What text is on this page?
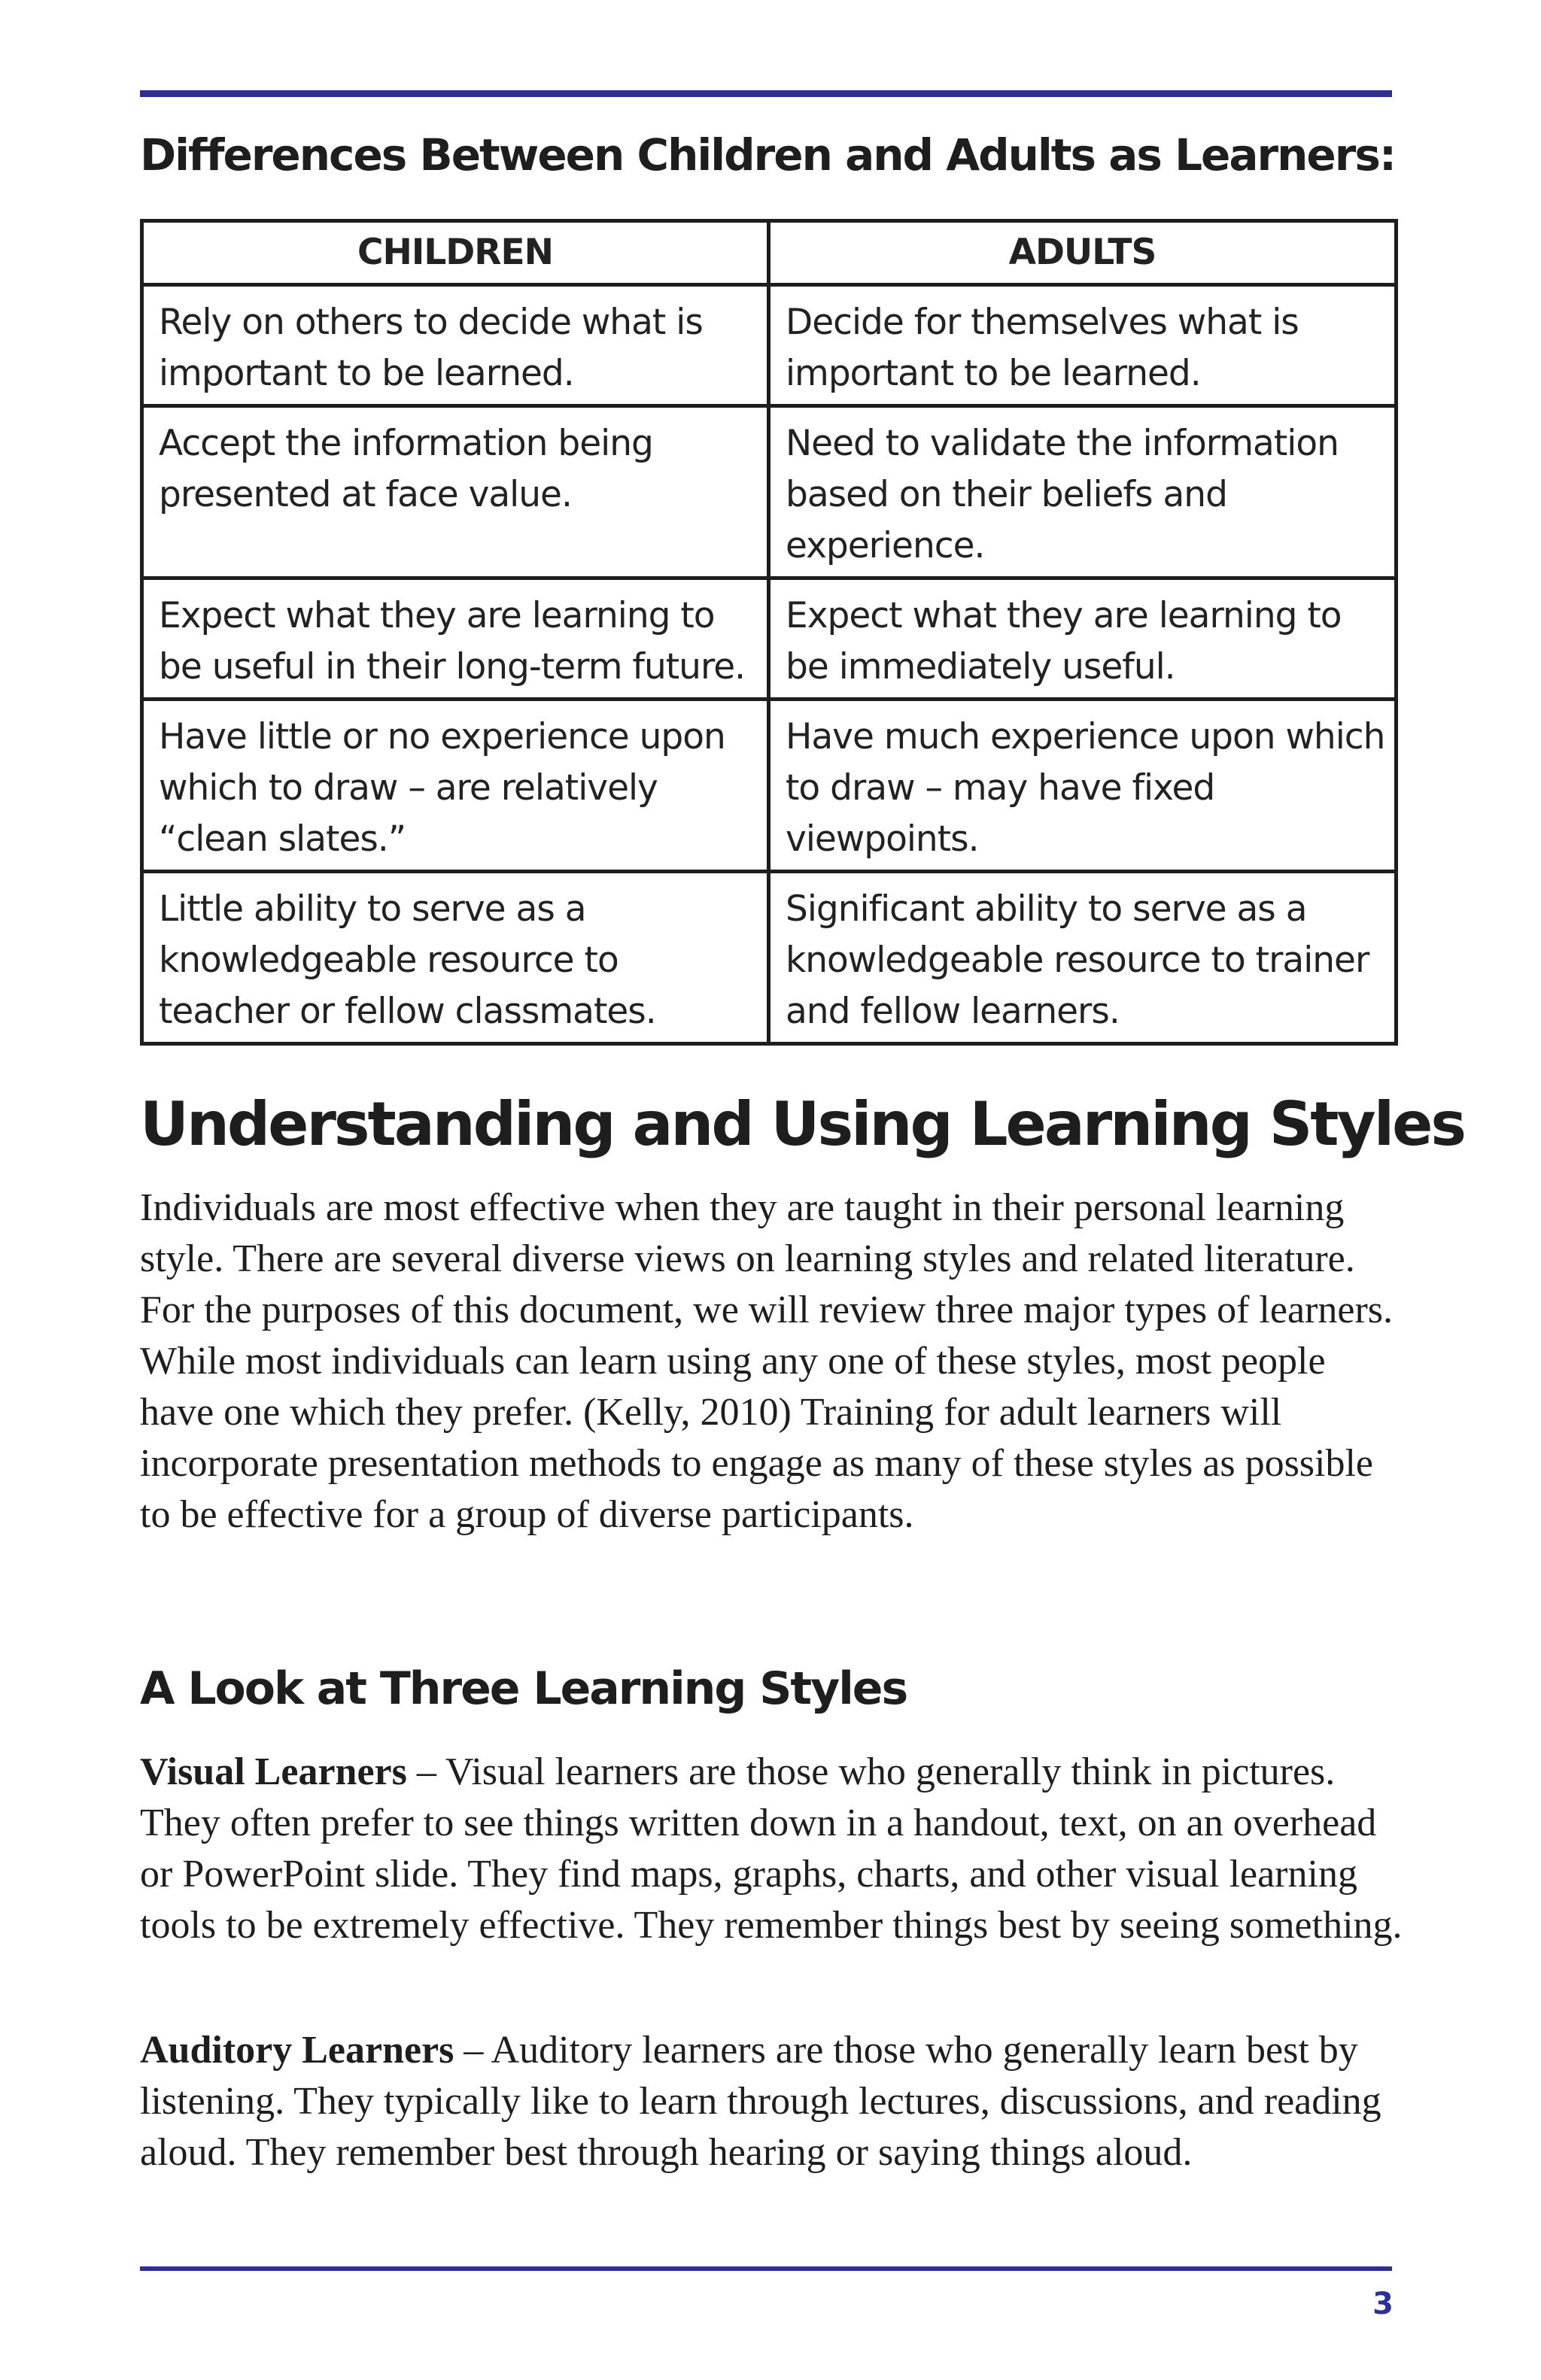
Differences Between Children and Adults as Learners:
CHILDREN	ADULTS
Rely on others to decide what is important to be learned.	Decide for themselves what is important to be learned.
Accept the information being presented at face value.	Need to validate the information based on their beliefs and experience.
Expect what they are learning to be useful in their long-term future.	Expect what they are learning to be immediately useful.
Have little or no experience upon which to draw – are relatively “clean slates.”	Have much experience upon which to draw – may have fixed viewpoints.
Little ability to serve as a knowledgeable resource to teacher or fellow classmates.	Significant ability to serve as a knowledgeable resource to trainer and fellow learners.
Understanding and Using Learning Styles

Individuals are most effective when they are taught in their personal learning style. There are several diverse views on learning styles and related literature. For the purposes of this document, we will review three major types of learners. While most individuals can learn using any one of these styles, most people have one which they prefer. (Kelly, 2010) Training for adult learners will incorporate presentation methods to engage as many of these styles as possible to be effective for a group of diverse participants.

A Look at Three Learning Styles

Visual Learners – Visual learners are those who generally think in pictures. They often prefer to see things written down in a handout, text, on an overhead or PowerPoint slide. They find maps, graphs, charts, and other visual learning tools to be extremely effective. They remember things best by seeing something.

Auditory Learners – Auditory learners are those who generally learn best by listening. They typically like to learn through lectures, discussions, and reading aloud. They remember best through hearing or saying things aloud.

3
